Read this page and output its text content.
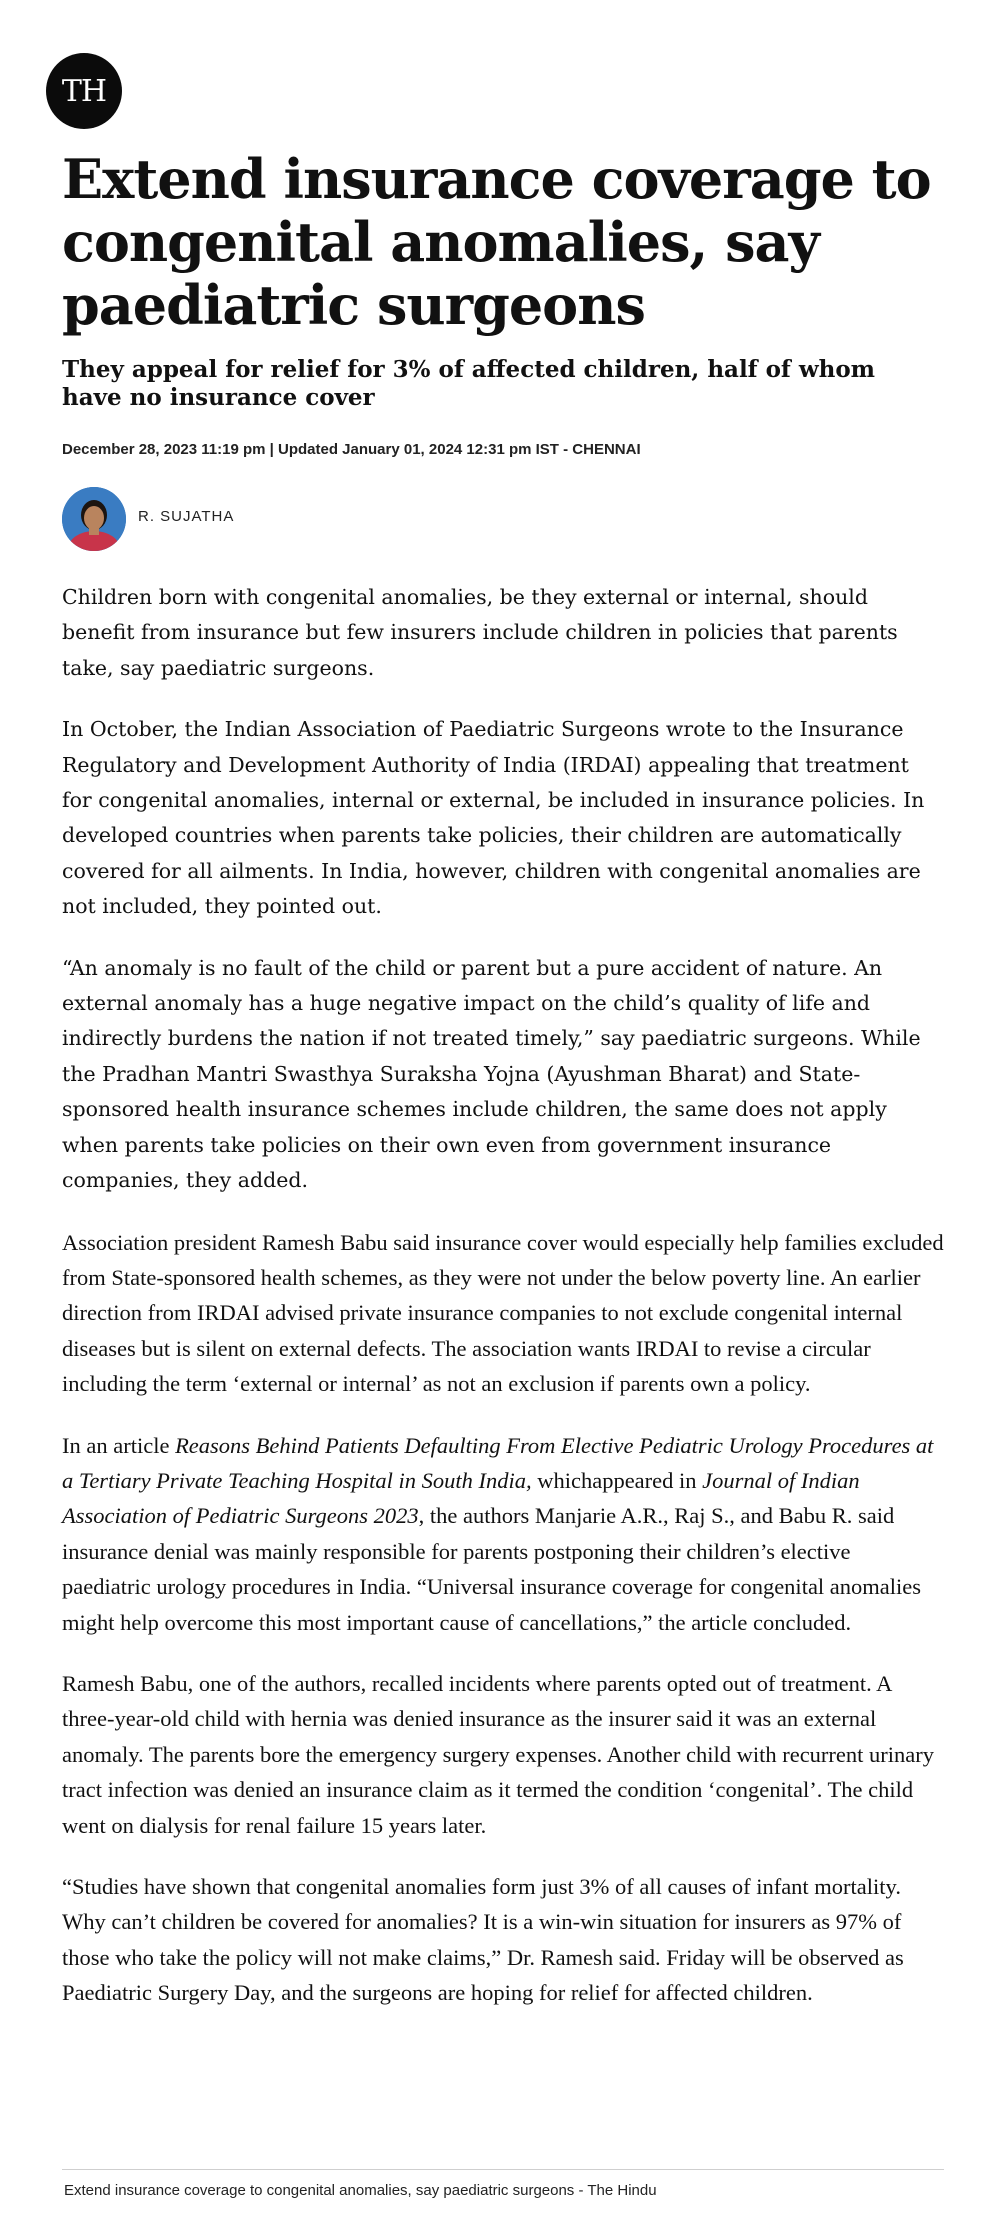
TH
Extend insurance coverage to congenital anomalies, say paediatric surgeons
They appeal for relief for 3% of affected children, half of whom have no insurance cover
December 28, 2023 11:19 pm | Updated January 01, 2024 12:31 pm IST - CHENNAI
R. SUJATHA

Children born with congenital anomalies, be they external or internal, should benefit from insurance but few insurers include children in policies that parents take, say paediatric surgeons.

In October, the Indian Association of Paediatric Surgeons wrote to the Insurance Regulatory and Development Authority of India (IRDAI) appealing that treatment for congenital anomalies, internal or external, be included in insurance policies. In developed countries when parents take policies, their children are automatically covered for all ailments. In India, however, children with congenital anomalies are not included, they pointed out.

“An anomaly is no fault of the child or parent but a pure accident of nature. An external anomaly has a huge negative impact on the child’s quality of life and indirectly burdens the nation if not treated timely,” say paediatric surgeons. While the Pradhan Mantri Swasthya Suraksha Yojna (Ayushman Bharat) and State-sponsored health insurance schemes include children, the same does not apply when parents take policies on their own even from government insurance companies, they added.

Association president Ramesh Babu said insurance cover would especially help families excluded from State-sponsored health schemes, as they were not under the below poverty line. An earlier direction from IRDAI advised private insurance companies to not exclude congenital internal diseases but is silent on external defects. The association wants IRDAI to revise a circular including the term ‘external or internal’ as not an exclusion if parents own a policy.

In an article Reasons Behind Patients Defaulting From Elective Pediatric Urology Procedures at a Tertiary Private Teaching Hospital in South India, whichappeared in Journal of Indian Association of Pediatric Surgeons 2023, the authors Manjarie A.R., Raj S., and Babu R. said insurance denial was mainly responsible for parents postponing their children’s elective paediatric urology procedures in India. “Universal insurance coverage for congenital anomalies might help overcome this most important cause of cancellations,” the article concluded.

Ramesh Babu, one of the authors, recalled incidents where parents opted out of treatment. A three-year-old child with hernia was denied insurance as the insurer said it was an external anomaly. The parents bore the emergency surgery expenses. Another child with recurrent urinary tract infection was denied an insurance claim as it termed the condition ‘congenital’. The child went on dialysis for renal failure 15 years later.

“Studies have shown that congenital anomalies form just 3% of all causes of infant mortality. Why can’t children be covered for anomalies? It is a win-win situation for insurers as 97% of those who take the policy will not make claims,” Dr. Ramesh said. Friday will be observed as Paediatric Surgery Day, and the surgeons are hoping for relief for affected children.

Extend insurance coverage to congenital anomalies, say paediatric surgeons - The Hindu
